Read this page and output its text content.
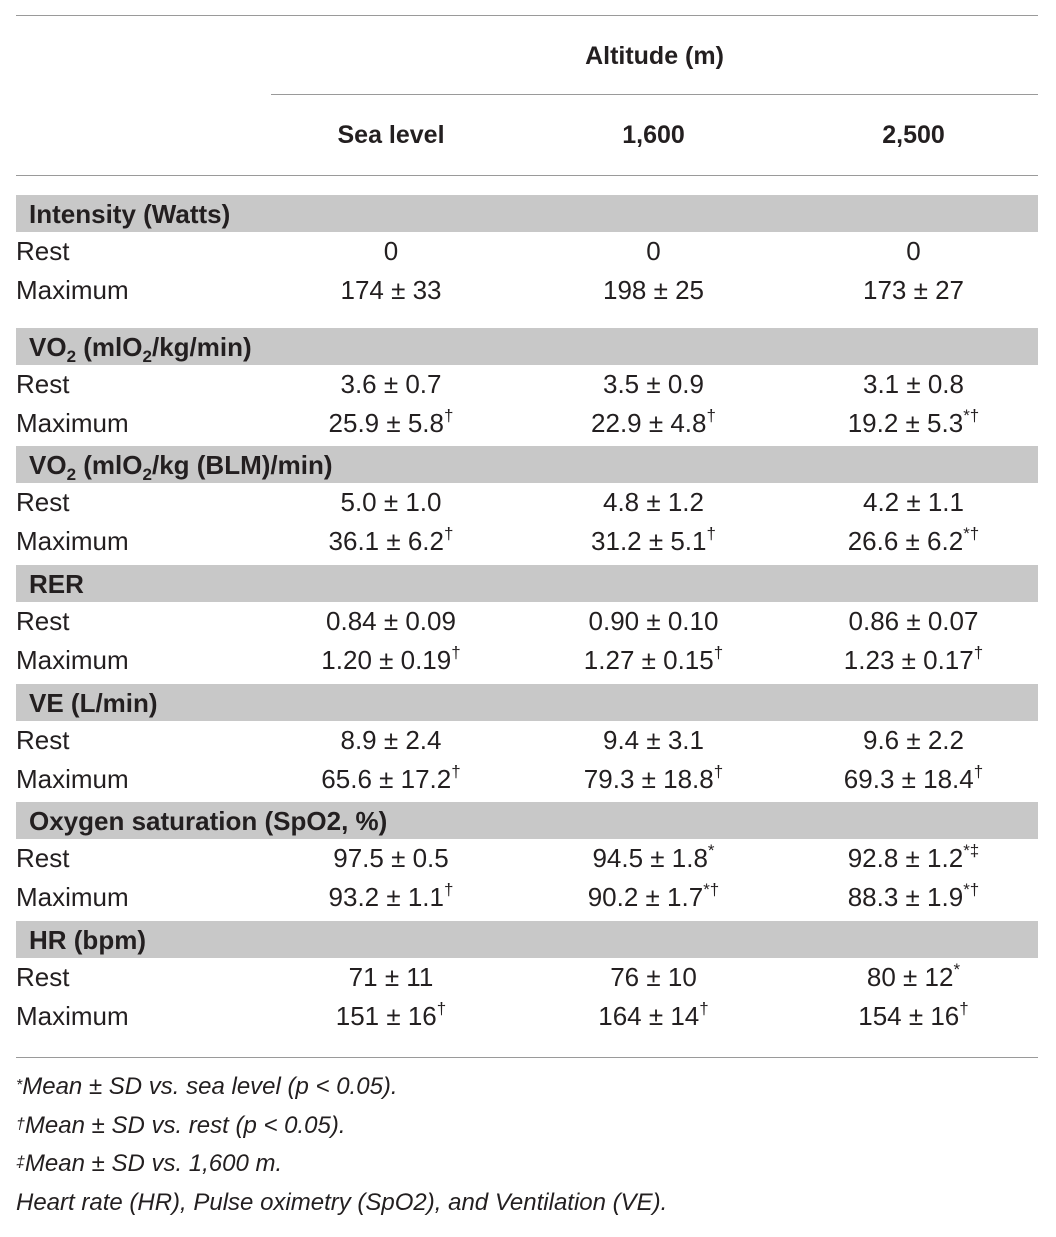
Altitude (m)
Sea level	1,600	2,500
Intensity (Watts)
Rest	0	0	0
Maximum	174 ± 33	198 ± 25	173 ± 27
$VO_2$ (mlO$_2$/kg/min)
Rest	3.6 ± 0.7	3.5 ± 0.9	3.1 ± 0.8
Maximum	25.9 ± 5.8†	22.9 ± 4.8†	19.2 ± 5.3*†
$VO_2$ (mlO$_2$/kg (BLM)/min)
Rest	5.0 ± 1.0	4.8 ± 1.2	4.2 ± 1.1
Maximum	36.1 ± 6.2†	31.2 ± 5.1†	26.6 ± 6.2*†
RER
Rest	0.84 ± 0.09	0.90 ± 0.10	0.86 ± 0.07
Maximum	1.20 ± 0.19†	1.27 ± 0.15†	1.23 ± 0.17†
VE (L/min)
Rest	8.9 ± 2.4	9.4 ± 3.1	9.6 ± 2.2
Maximum	65.6 ± 17.2†	79.3 ± 18.8†	69.3 ± 18.4†
Oxygen saturation (SpO2, %)
Rest	97.5 ± 0.5	94.5 ± 1.8*	92.8 ± 1.2*‡
Maximum	93.2 ± 1.1†	90.2 ± 1.7*†	88.3 ± 1.9*†
HR (bpm)
Rest	71 ± 11	76 ± 10	80 ± 12*
Maximum	151 ± 16†	164 ± 14†	154 ± 16†
*Mean ± SD vs. sea level (p < 0.05).
†Mean ± SD vs. rest (p < 0.05).
‡Mean ± SD vs. 1,600 m.
Heart rate (HR), Pulse oximetry (SpO2), and Ventilation (VE).
